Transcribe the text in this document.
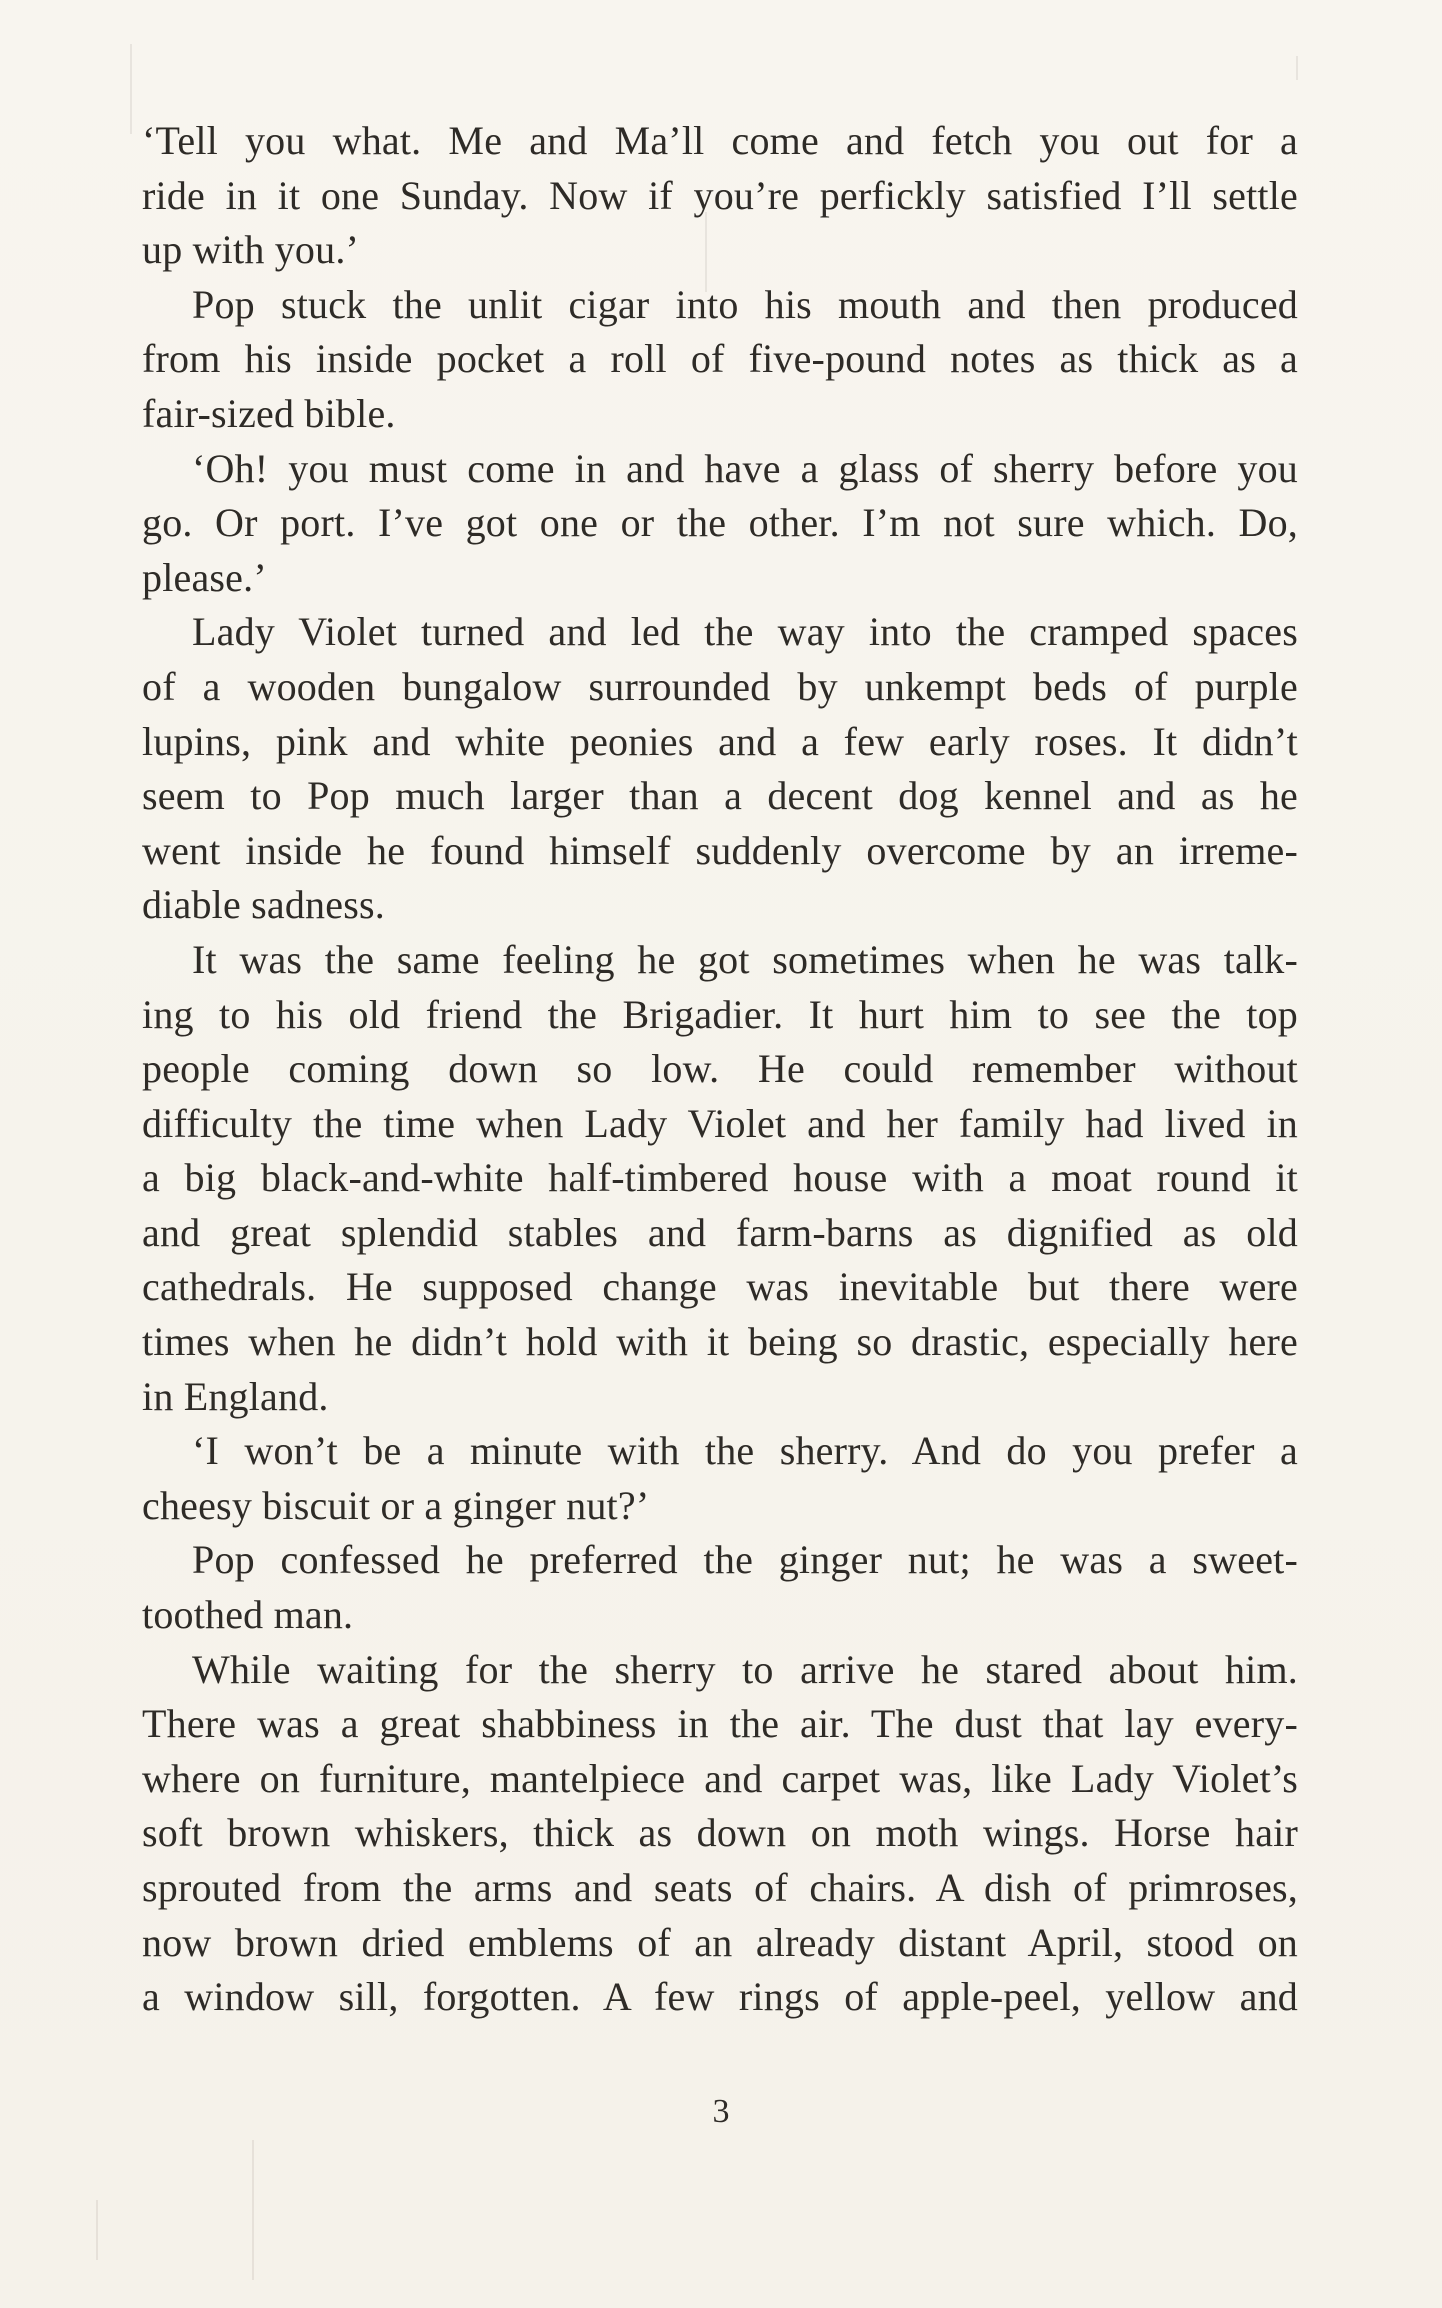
‘Tell you what. Me and Ma’ll come and fetch you out for a
ride in it one Sunday. Now if you’re perfickly satisfied I’ll settle
up with you.’
Pop stuck the unlit cigar into his mouth and then produced
from his inside pocket a roll of five-pound notes as thick as a
fair-sized bible.
‘Oh! you must come in and have a glass of sherry before you
go. Or port. I’ve got one or the other. I’m not sure which. Do,
please.’
Lady Violet turned and led the way into the cramped spaces
of a wooden bungalow surrounded by unkempt beds of purple
lupins, pink and white peonies and a few early roses. It didn’t
seem to Pop much larger than a decent dog kennel and as he
went inside he found himself suddenly overcome by an irreme-
diable sadness.
It was the same feeling he got sometimes when he was talk-
ing to his old friend the Brigadier. It hurt him to see the top
people coming down so low. He could remember without
difficulty the time when Lady Violet and her family had lived in
a big black-and-white half-timbered house with a moat round it
and great splendid stables and farm-barns as dignified as old
cathedrals. He supposed change was inevitable but there were
times when he didn’t hold with it being so drastic, especially here
in England.
‘I won’t be a minute with the sherry. And do you prefer a
cheesy biscuit or a ginger nut?’
Pop confessed he preferred the ginger nut; he was a sweet-
toothed man.
While waiting for the sherry to arrive he stared about him.
There was a great shabbiness in the air. The dust that lay every-
where on furniture, mantelpiece and carpet was, like Lady Violet’s
soft brown whiskers, thick as down on moth wings. Horse hair
sprouted from the arms and seats of chairs. A dish of primroses,
now brown dried emblems of an already distant April, stood on
a window sill, forgotten. A few rings of apple-peel, yellow and
3
